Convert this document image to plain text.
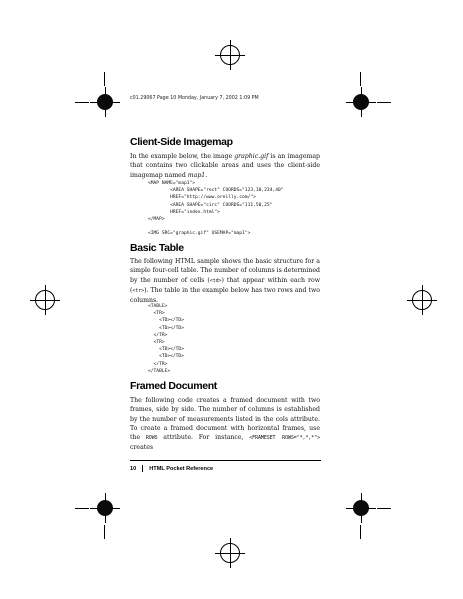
c01.29067 Page 10 Monday, January 7, 2002 1:09 PM
Client-Side Imagemap
In the example below, the image graphic.gif is an imagemap that contains two clickable areas and uses the client-side imagemap named map1.
<MAP NAME="map1">
<AREA SHAPE="rect" COORDS="123,10,234,40"
HREF="http://www.oreilly.com/">
<AREA SHAPE="circ" COORDS="111,50,25"
HREF="index.html">
</MAP>

<IMG SRC="graphic.gif" USEMAP="map1">
Basic Table
The following HTML sample shows the basic structure for a simple four-cell table. The number of columns is determined by the number of cells (<td>) that appear within each row (<tr>). The table in the example below has two rows and two columns.
<TABLE>
<TR>
<TD></TD>
<TD></TD>
</TR>
<TR>
<TD></TD>
<TD></TD>
</TR>
</TABLE>
Framed Document
The following code creates a framed document with two frames, side by side. The number of columns is established by the number of measurements listed in the cols attribute. To create a framed document with horizontal frames, use the ROWS attribute. For instance, <FRAMESET ROWS="*,*,*"> creates
10 HTML Pocket Reference
